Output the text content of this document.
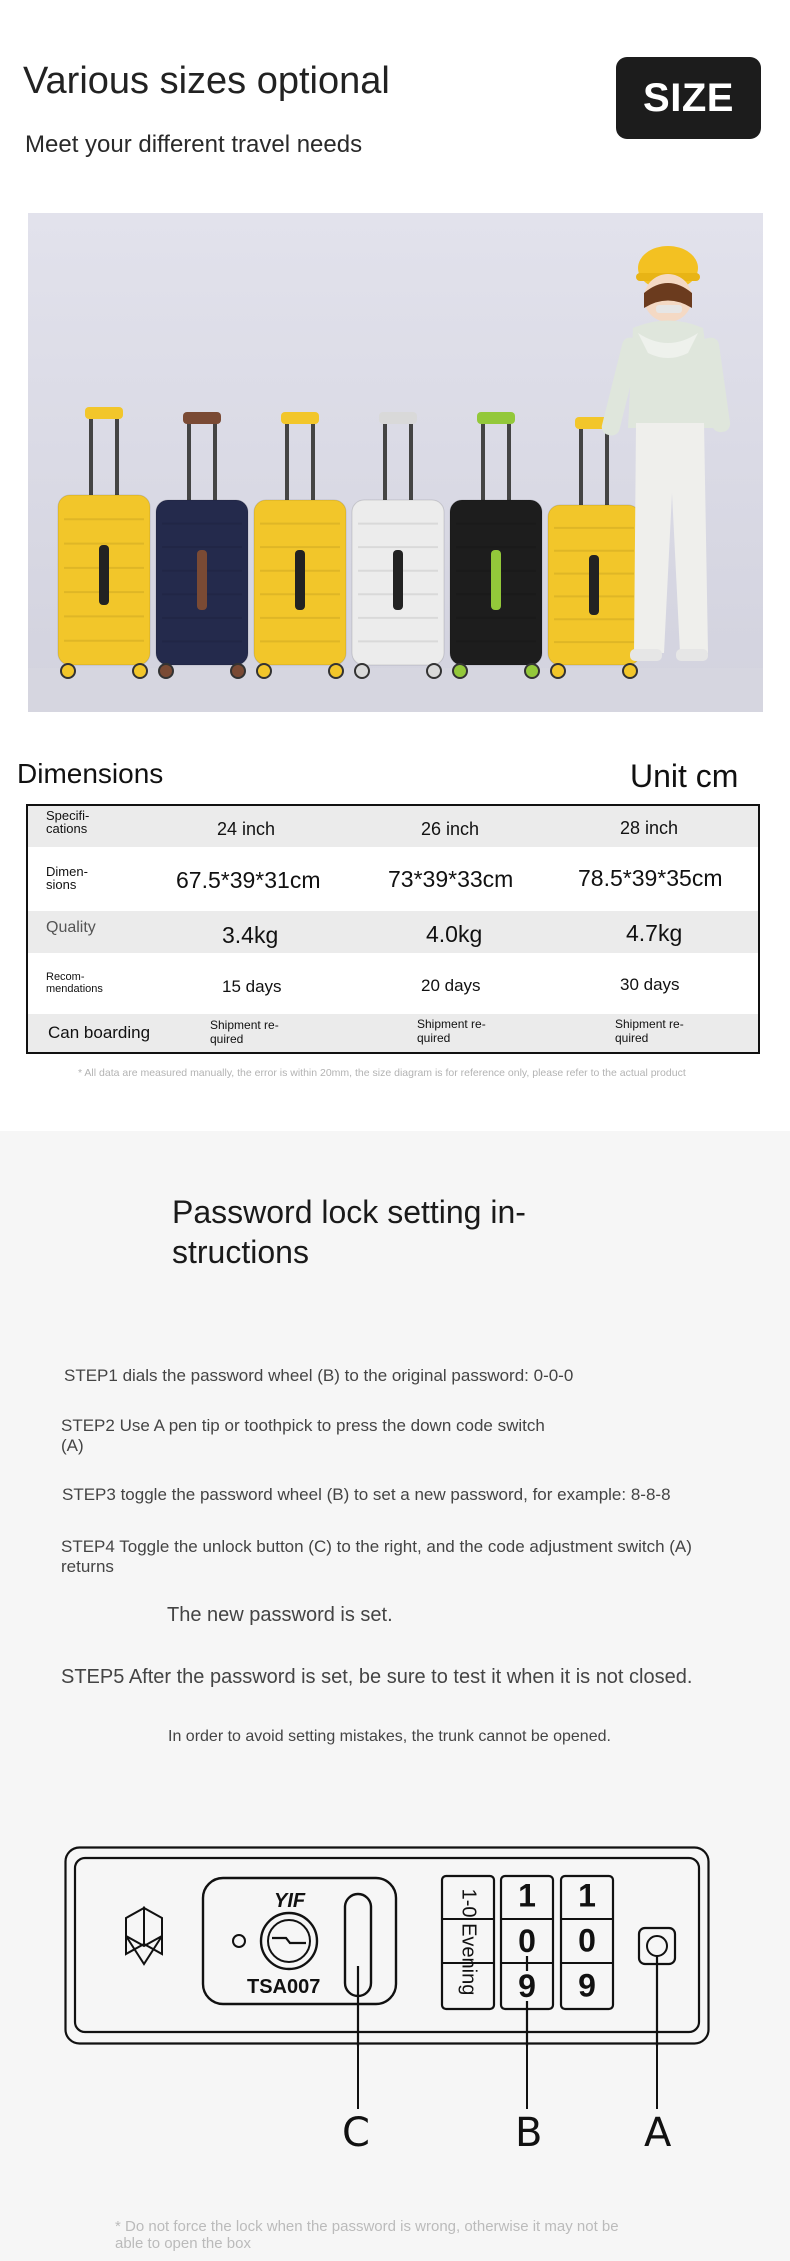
Various sizes optional
Meet your different travel needs
SIZE
Dimensions	Unit cm
Specifi-
cations	24 inch	26 inch	28 inch
Dimen-
sions	67.5*39*31cm	73*39*33cm	78.5*39*35cm
Quality	3.4kg	4.0kg	4.7kg
Recom-
mendations	15 days	20 days	30 days
Can boarding	Shipment re-
quired
Shipment re-
quired
Shipment re-
quired
* All data are measured manually, the error is within 20mm, the size diagram is for reference only, please refer to the actual product
Password lock setting in-
structions
STEP1 dials the password wheel (B) to the original password: 0-0-0
STEP2 Use A pen tip or toothpick to press the down code switch
(A)
STEP3 toggle the password wheel (B) to set a new password, for example: 8-8-8
STEP4 Toggle the unlock button (C) to the right, and the code adjustment switch (A)
returns
The new password is set.
STEP5 After the password is set, be sure to test it when it is not closed.
In order to avoid setting mistakes, the trunk cannot be opened.
YIF
TSA007	1-0 Evening 1
0
9
1
0
9
C	B	A
* Do not force the lock when the password is wrong, otherwise it may not be
able to open the box
